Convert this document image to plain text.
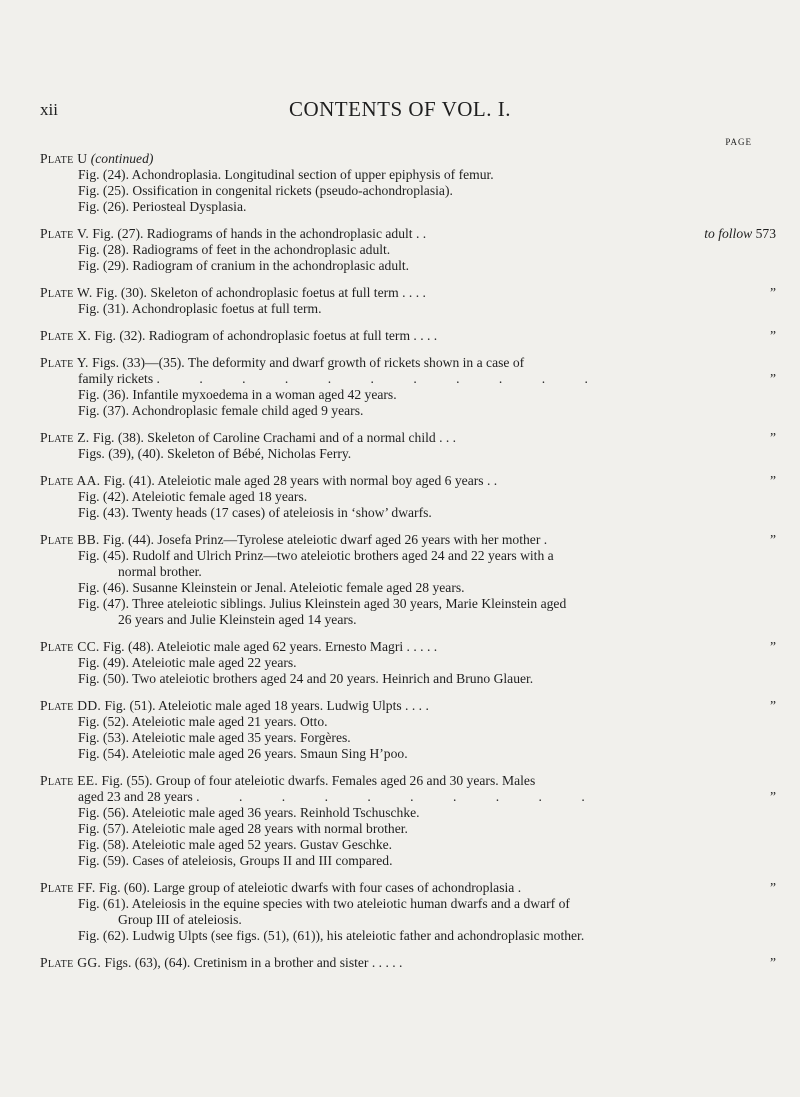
xii	CONTENTS OF VOL. I.
PAGE
Plate U (continued)
Fig. (24). Achondroplasia. Longitudinal section of upper epiphysis of femur.
Fig. (25). Ossification in congenital rickets (pseudo-achondroplasia).
Fig. (26). Periosteal Dysplasia.
Plate V. Fig. (27). Radiograms of hands in the achondroplasic adult . .	to follow 573
Fig. (28). Radiograms of feet in the achondroplasic adult.
Fig. (29). Radiogram of cranium in the achondroplasic adult.
Plate W. Fig. (30). Skeleton of achondroplasic foetus at full term . . . .	”
Fig. (31). Achondroplasic foetus at full term.
Plate X. Fig. (32). Radiogram of achondroplasic foetus at full term . . . .	”
Plate Y. Figs. (33)—(35). The deformity and dwarf growth of rickets shown in a case of
family rickets . . . . . . . . . . .	”
Fig. (36). Infantile myxoedema in a woman aged 42 years.
Fig. (37). Achondroplasic female child aged 9 years.
Plate Z. Fig. (38). Skeleton of Caroline Crachami and of a normal child . . .	”
Figs. (39), (40). Skeleton of Bébé, Nicholas Ferry.
Plate AA. Fig. (41). Ateleiotic male aged 28 years with normal boy aged 6 years . .	”
Fig. (42). Ateleiotic female aged 18 years.
Fig. (43). Twenty heads (17 cases) of ateleiosis in ‘show’ dwarfs.
Plate BB. Fig. (44). Josefa Prinz—Tyrolese ateleiotic dwarf aged 26 years with her mother .	”
Fig. (45). Rudolf and Ulrich Prinz—two ateleiotic brothers aged 24 and 22 years with a
normal brother.
Fig. (46). Susanne Kleinstein or Jenal. Ateleiotic female aged 28 years.
Fig. (47). Three ateleiotic siblings. Julius Kleinstein aged 30 years, Marie Kleinstein aged
26 years and Julie Kleinstein aged 14 years.
Plate CC. Fig. (48). Ateleiotic male aged 62 years. Ernesto Magri . . . . .	”
Fig. (49). Ateleiotic male aged 22 years.
Fig. (50). Two ateleiotic brothers aged 24 and 20 years. Heinrich and Bruno Glauer.
Plate DD. Fig. (51). Ateleiotic male aged 18 years. Ludwig Ulpts . . . .	”
Fig. (52). Ateleiotic male aged 21 years. Otto.
Fig. (53). Ateleiotic male aged 35 years. Forgères.
Fig. (54). Ateleiotic male aged 26 years. Smaun Sing H’poo.
Plate EE. Fig. (55). Group of four ateleiotic dwarfs. Females aged 26 and 30 years. Males
aged 23 and 28 years . . . . . . . . . .	”
Fig. (56). Ateleiotic male aged 36 years. Reinhold Tschuschke.
Fig. (57). Ateleiotic male aged 28 years with normal brother.
Fig. (58). Ateleiotic male aged 52 years. Gustav Geschke.
Fig. (59). Cases of ateleiosis, Groups II and III compared.
Plate FF. Fig. (60). Large group of ateleiotic dwarfs with four cases of achondroplasia .	”
Fig. (61). Ateleiosis in the equine species with two ateleiotic human dwarfs and a dwarf of
Group III of ateleiosis.
Fig. (62). Ludwig Ulpts (see figs. (51), (61)), his ateleiotic father and achondroplasic mother.
Plate GG. Figs. (63), (64). Cretinism in a brother and sister . . . . .	”
